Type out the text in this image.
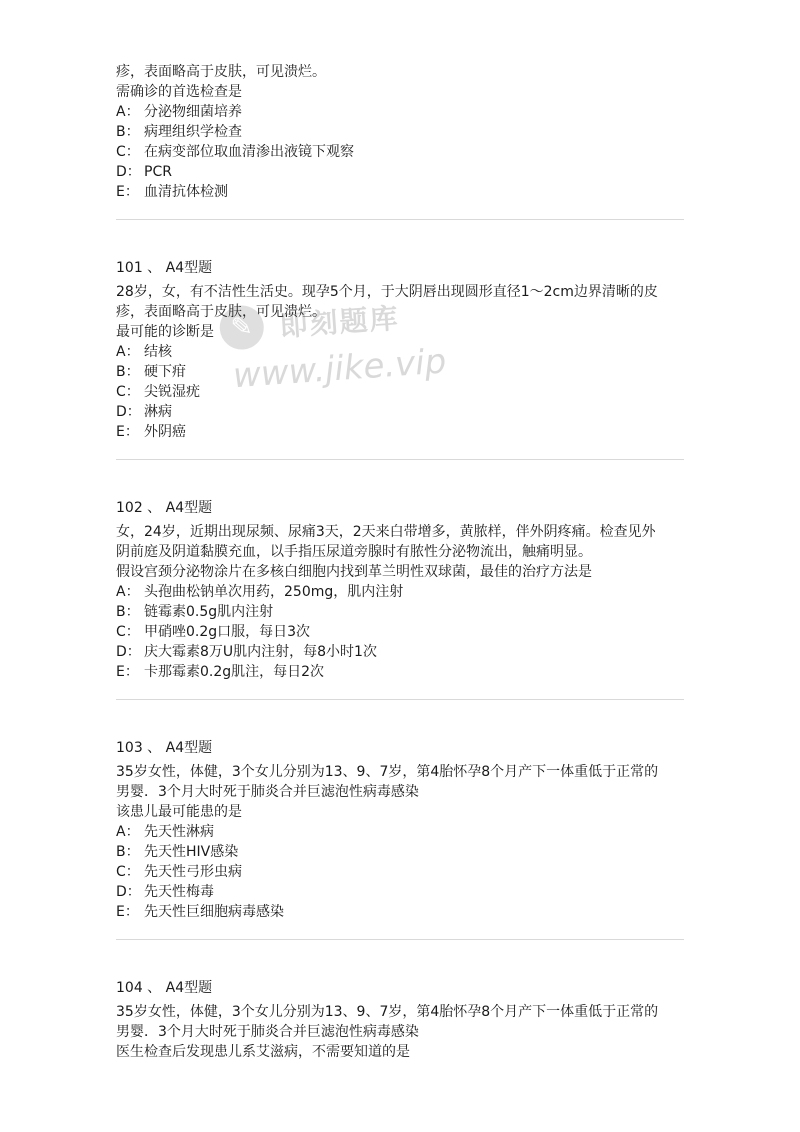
疹，表面略高于皮肤，可见溃烂。
需确诊的首选检查是
A： 分泌物细菌培养
B： 病理组织学检查
C： 在病变部位取血清渗出液镜下观察
D： PCR
E： 血清抗体检测
101 、 A4型题
28岁，女，有不洁性生活史。现孕5个月，于大阴唇出现圆形直径1～2cm边界清晰的皮
疹，表面略高于皮肤，可见溃烂。
最可能的诊断是
A： 结核
B： 硬下疳
C： 尖锐湿疣
D： 淋病
E： 外阴癌
102 、 A4型题
女，24岁，近期出现尿频、尿痛3天，2天来白带增多，黄脓样，伴外阴疼痛。检查见外
阴前庭及阴道黏膜充血，以手指压尿道旁腺时有脓性分泌物流出，触痛明显。
假设宫颈分泌物涂片在多核白细胞内找到革兰明性双球菌，最佳的治疗方法是
A： 头孢曲松钠单次用药，250mg，肌内注射
B： 链霉素0.5g肌内注射
C： 甲硝唑0.2g口服，每日3次
D： 庆大霉素8万U肌内注射，每8小时1次
E： 卡那霉素0.2g肌注，每日2次
103 、 A4型题
35岁女性，体健，3个女儿分别为13、9、7岁，第4胎怀孕8个月产下一体重低于正常的
男婴．3个月大时死于肺炎合并巨滤泡性病毒感染
该患儿最可能患的是
A： 先天性淋病
B： 先天性HIV感染
C： 先天性弓形虫病
D： 先天性梅毒
E： 先天性巨细胞病毒感染
104 、 A4型题
35岁女性，体健，3个女儿分别为13、9、7岁，第4胎怀孕8个月产下一体重低于正常的
男婴．3个月大时死于肺炎合并巨滤泡性病毒感染
医生检查后发现患儿系艾滋病，不需要知道的是
✎ 即刻题库
www.jike.vip
